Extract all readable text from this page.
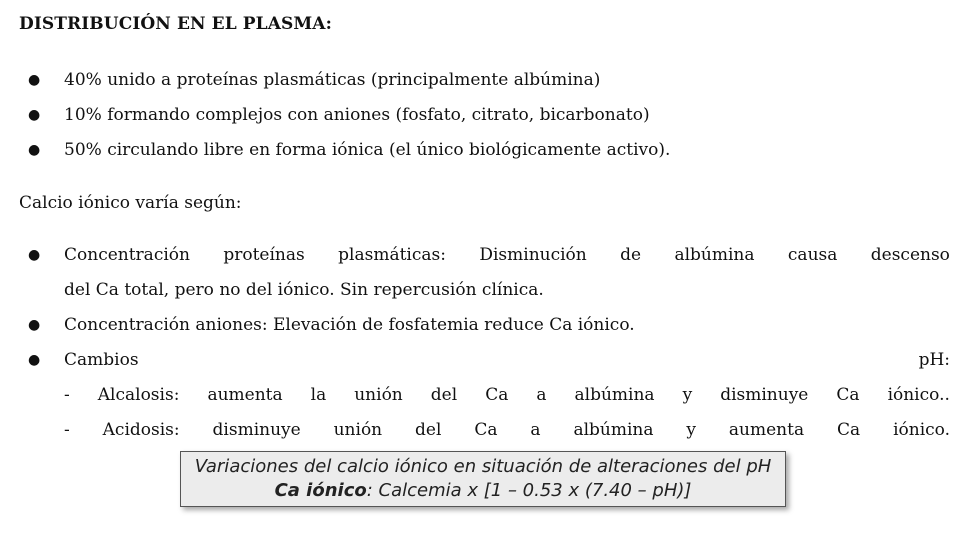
DISTRIBUCIÓN EN EL PLASMA:
● 40% unido a proteínas plasmáticas (principalmente albúmina)
● 10% formando complejos con aniones (fosfato, citrato, bicarbonato)
● 50% circulando libre en forma iónica (el único biológicamente activo).
Calcio iónico varía según:
● Concentración proteínas plasmáticas: Disminución de albúmina causa descenso
del Ca total, pero no del iónico. Sin repercusión clínica.
● Concentración aniones: Elevación de fosfatemia reduce Ca iónico.
● Cambios	pH:
- Alcalosis: aumenta la unión del Ca a albúmina y disminuye Ca iónico..
- Acidosis: disminuye unión del Ca a albúmina y aumenta Ca iónico.
Variaciones del calcio iónico en situación de alteraciones del pH
Ca iónico: Calcemia x [1 – 0.53 x (7.40 – pH)]
